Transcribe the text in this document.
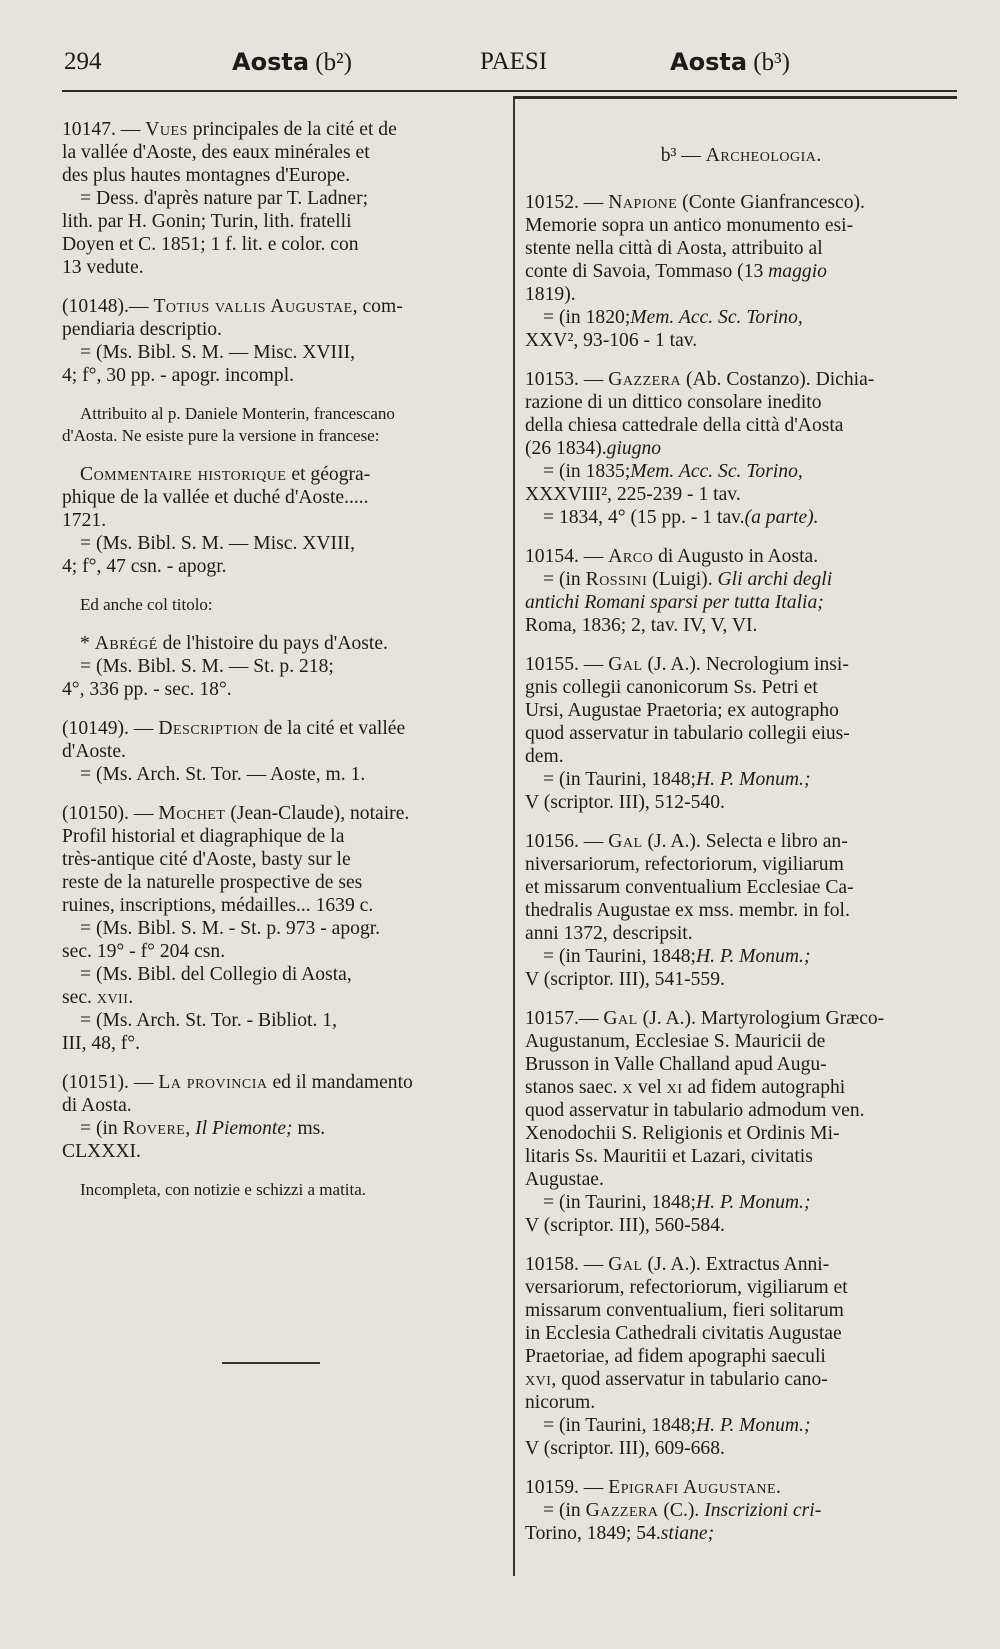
294	Aosta (b²)	PAESI	Aosta (b³)
10147. — Vues principales de la cité et de
la vallée d'Aoste, des eaux minérales et
des plus hautes montagnes d'Europe.
= Dess. d'après nature par T. Ladner;
lith. par H. Gonin; Turin, lith. fratelli
Doyen et C. 1851; 1 f. lit. e color. con
13 vedute.
(10148).— Totius vallis Augustae, com-
pendiaria descriptio.
= (Ms. Bibl. S. M. — Misc. XVIII,
4; f°, 30 pp. - apogr. incompl.
Attribuito al p. Daniele Monterin, francescano
d'Aosta. Ne esiste pure la versione in francese:
Commentaire historique et géogra-
phique de la vallée et duché d'Aoste.....
1721.
= (Ms. Bibl. S. M. — Misc. XVIII,
4; f°, 47 csn. - apogr.
Ed anche col titolo:
* Abrégé de l'histoire du pays d'Aoste.
= (Ms. Bibl. S. M. — St. p. 218;
4°, 336 pp. - sec. 18°.
(10149). — Description de la cité et vallée
d'Aoste.
= (Ms. Arch. St. Tor. — Aoste, m. 1.
(10150). — Mochet (Jean-Claude), notaire.
Profil historial et diagraphique de la
très-antique cité d'Aoste, basty sur le
reste de la naturelle prospective de ses
ruines, inscriptions, médailles... 1639 c.
= (Ms. Bibl. S. M. - St. p. 973 - apogr.
sec. 19° - f° 204 csn.
= (Ms. Bibl. del Collegio di Aosta,
sec. xvii.
= (Ms. Arch. St. Tor. - Bibliot. 1,
III, 48, f°.
(10151). — La provincia ed il mandamento
di Aosta.
= (in Rovere, Il Piemonte; ms.
CLXXXI.
Incompleta, con notizie e schizzi a matita.
b³ — Archeologia.
10152. — Napione (Conte Gianfrancesco).
Memorie sopra un antico monumento esi-
stente nella città di Aosta, attribuito al
conte di Savoia, Tommaso (13 maggio
1819).
= (in 1820;Mem. Acc. Sc. Torino,
XXV², 93-106 - 1 tav.
10153. — Gazzera (Ab. Costanzo). Dichia-
razione di un dittico consolare inedito
della chiesa cattedrale della città d'Aosta
(26 1834).giugno
= (in 1835;Mem. Acc. Sc. Torino,
XXXVIII², 225-239 - 1 tav.
= 1834, 4° (15 pp. - 1 tav.(a parte).
10154. — Arco di Augusto in Aosta.
= (in Rossini (Luigi). Gli archi degli
antichi Romani sparsi per tutta Italia;
Roma, 1836; 2, tav. IV, V, VI.
10155. — Gal (J. A.). Necrologium insi-
gnis collegii canonicorum Ss. Petri et
Ursi, Augustae Praetoria; ex autographo
quod asservatur in tabulario collegii eius-
dem.
= (in Taurini, 1848;H. P. Monum.;
V (scriptor. III), 512-540.
10156. — Gal (J. A.). Selecta e libro an-
niversariorum, refectoriorum, vigiliarum
et missarum conventualium Ecclesiae Ca-
thedralis Augustae ex mss. membr. in fol.
anni 1372, descripsit.
= (in Taurini, 1848;H. P. Monum.;
V (scriptor. III), 541-559.
10157.— Gal (J. A.). Martyrologium Græco-
Augustanum, Ecclesiae S. Mauricii de
Brusson in Valle Challand apud Augu-
stanos saec. x vel xi ad fidem autographi
quod asservatur in tabulario admodum ven.
Xenodochii S. Religionis et Ordinis Mi-
litaris Ss. Mauritii et Lazari, civitatis
Augustae.
= (in Taurini, 1848;H. P. Monum.;
V (scriptor. III), 560-584.
10158. — Gal (J. A.). Extractus Anni-
versariorum, refectoriorum, vigiliarum et
missarum conventualium, fieri solitarum
in Ecclesia Cathedrali civitatis Augustae
Praetoriae, ad fidem apographi saeculi
xvi, quod asservatur in tabulario cano-
nicorum.
= (in Taurini, 1848;H. P. Monum.;
V (scriptor. III), 609-668.
10159. — Epigrafi Augustane.
= (in Gazzera (C.). Inscrizioni cri-
Torino, 1849; 54.stiane;
